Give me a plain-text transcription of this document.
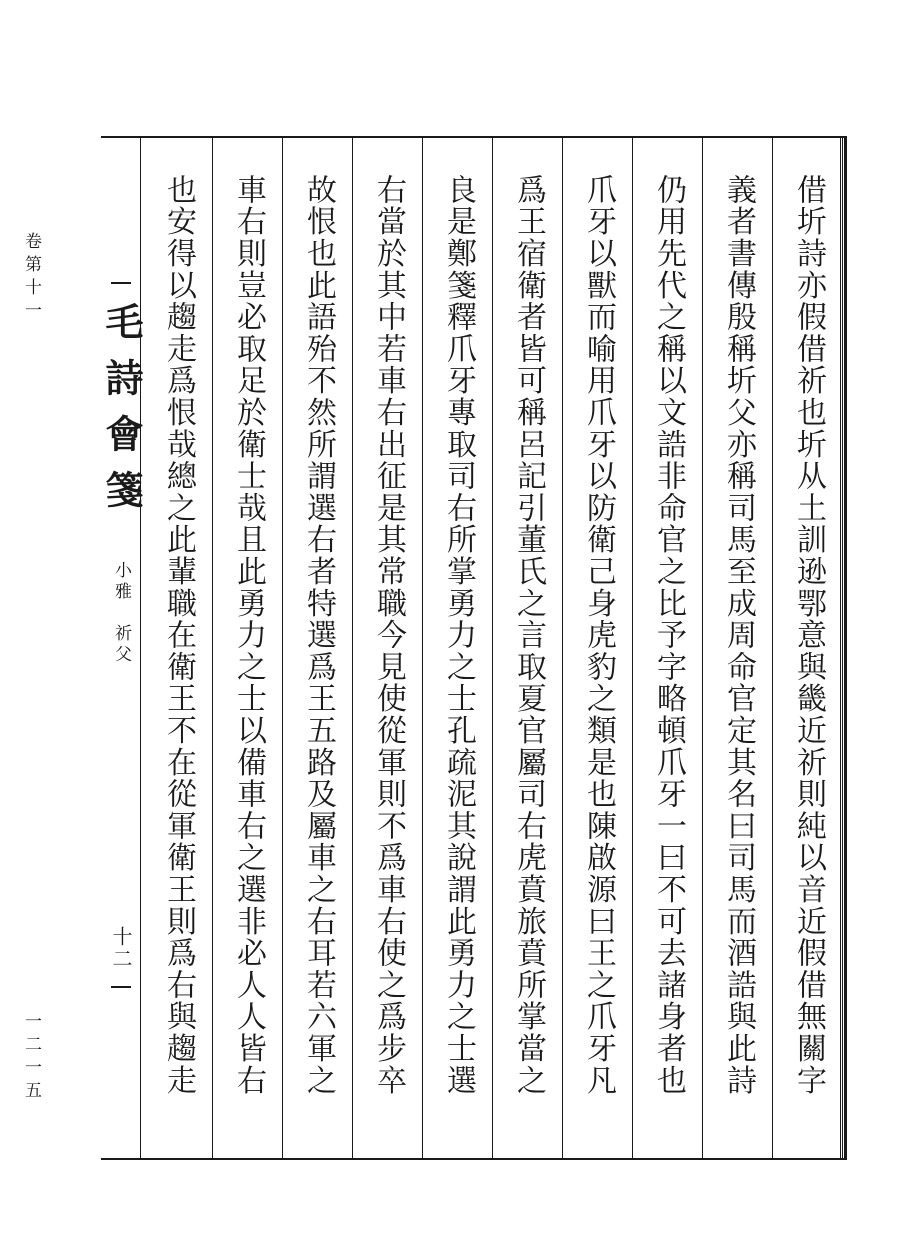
卷第十一
一二一五
毛詩會箋
小雅　祈父
十二	借圻詩亦假借祈也圻从土訓逊鄂意與畿近祈則純以音近假借無關字
義者書傳殷稱圻父亦稱司馬至成周命官定其名曰司馬而酒誥與此詩
仍用先代之稱以文誥非命官之比予字略頓爪牙一曰不可去諸身者也
爪牙以獸而喻用爪牙以防衛己身虎豹之類是也陳啟源曰王之爪牙凡
爲王宿衛者皆可稱呂記引董氏之言取夏官屬司右虎賁旅賁所掌當之
良是鄭箋釋爪牙專取司右所掌勇力之士孔疏泥其說謂此勇力之士選
右當於其中若車右出征是其常職今見使從軍則不爲車右使之爲步卒
故恨也此語殆不然所謂選右者特選爲王五路及屬車之右耳若六軍之
車右則豈必取足於衛士哉且此勇力之士以備車右之選非必人人皆右
也安得以趨走爲恨哉總之此輩職在衛王不在從軍衛王則爲右與趨走
